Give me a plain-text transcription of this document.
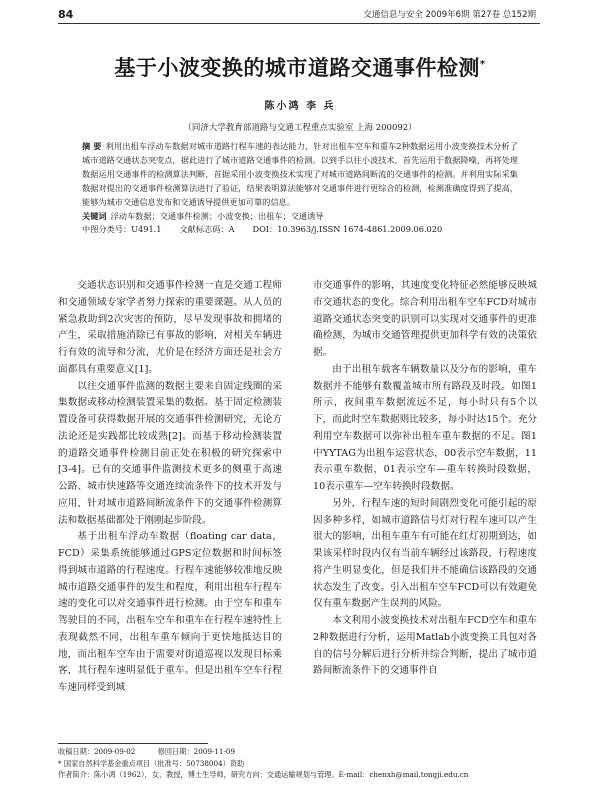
84	交通信息与安全 2009年6期 第27卷 总152期
基于小波变换的城市道路交通事件检测*
陈小鸿 李 兵
（同济大学教育部道路与交通工程重点实验室 上海 200092）
摘 要 利用出租车浮动车数据对城市道路行程车速的表达能力，针对出租车空车和重车2种数据运用小波变换技术分析了城市道路交通状态突变点，据此进行了城市道路交通事件的检测。以到手以往小波技术，首先运用于数据降噪，再将处理数据运用交通事件的检测算法判断，首据采用小波变换技术实现了对城市道路间断流的交通事件的检测。并利用实际采集数据对提出的交通事件检测算法进行了验证，结果表明算法能够对交通事件进行更综合的检测，检测准确度得到了提高，能够为城市交通信息发布和交通诱导提供更加可靠的信息。
关键词 浮动车数据；交通事件检测；小波变换；出租车；交通诱导
中图分类号：U491.1 文献标志码：A DOI：10.3963/j.ISSN 1674-4861.2009.06.020

交通状态识别和交通事件检测一直是交通工程师和交通领域专家学者努力探索的重要课题。从人员的紧急救助到2次灾害的预防，尽早发现事故和拥堵的产生，采取措施消除已有事故的影响，对相关车辆进行有效的流导和分流，尤价是在经济方面还是社会方面都具有重要意义[1]。

以往交通事件监测的数据主要来自固定线圈的采集数据或移动检测装置采集的数据。基于固定检测装置设备可获得数据开展的交通事件检测研究，无论方法论还是实践都比较成熟[2]。而基于移动检测装置的道路交通事件检测目前正处在积极的研究探索中[3-4]。已有的交通事件监测技术更多的侧重于高速公路、城市快速路等交通连续流条件下的技术开发与应用，针对城市道路间断流条件下的交通事件检测算法和数据基础都处于刚刚起步阶段。

基于出租车浮动车数据（floating car data，FCD）采集系统能够通过GPS定位数据和时间标签得到城市道路的行程速度。行程车速能够较准地反映城市道路交通事件的发生和程度，利用出租车行程车速的变化可以对交通事件进行检测。由于空车和重车驾驶目的不同，出租车空车和重车在行程车速特性上表现截然不同，出租车重车倾向于更快地抵达目的地，而出租车空车由于需要对街道巡视以发现目标乘客，其行程车速明显低于重车。但是出租车空车行程车速同样受到城

市交通事件的影响，其速度变化特征必然能够反映城市交通状态的变化。综合利用出租车空车FCD对城市道路交通状态突变的识别可以实现对交通事件的更准确检测，为城市交通管理提供更加科学有效的决策依据。

由于出租车载客车辆数量以及分布的影响，重车数据并不能够有数覆盖城市所有路段及时段。如图1所示，夜间重车数据流远不足，每小时只有5个以下，而此时空车数据则比较多，每小时达15个。充分利用空车数据可以弥补出租车重车数据的不足。图1中YYTAG为出租车运营状态，00表示空车数据，11表示重车数据，01表示空车—重车转换时段数据，10表示重车—空车转换时段数据。

另外，行程车速的短时间剧烈变化可能引起的原因多种多样，如城市道路信号灯对行程车速可以产生很大的影响，出租车重车有可能在红灯初期到达，如果该采样时段内仅有当前车辆经过该路段，行程速度将产生明显变化，但是我们并不能确信该路段的交通状态发生了改变。引入出租车空车FCD可以有效避免仅有重车数据产生误判的风险。

本文利用小波变换技术对出租车FCD空车和重车2种数据进行分析，运用Matlab小波变换工具包对各自的信号分解后进行分析并综合判断，提出了城市道路间断流条件下的交通事件自

收稿日期：2009-09-02	修回日期：2009-11-09
* 国家自然科学基金重点项目（批准号：50738004）资助
作者简介：陈小鸿（1962），女，教授，博士生导师，研究方向：交通运输规划与管理。E-mail：chenxh@mail.tongji.edu.cn
